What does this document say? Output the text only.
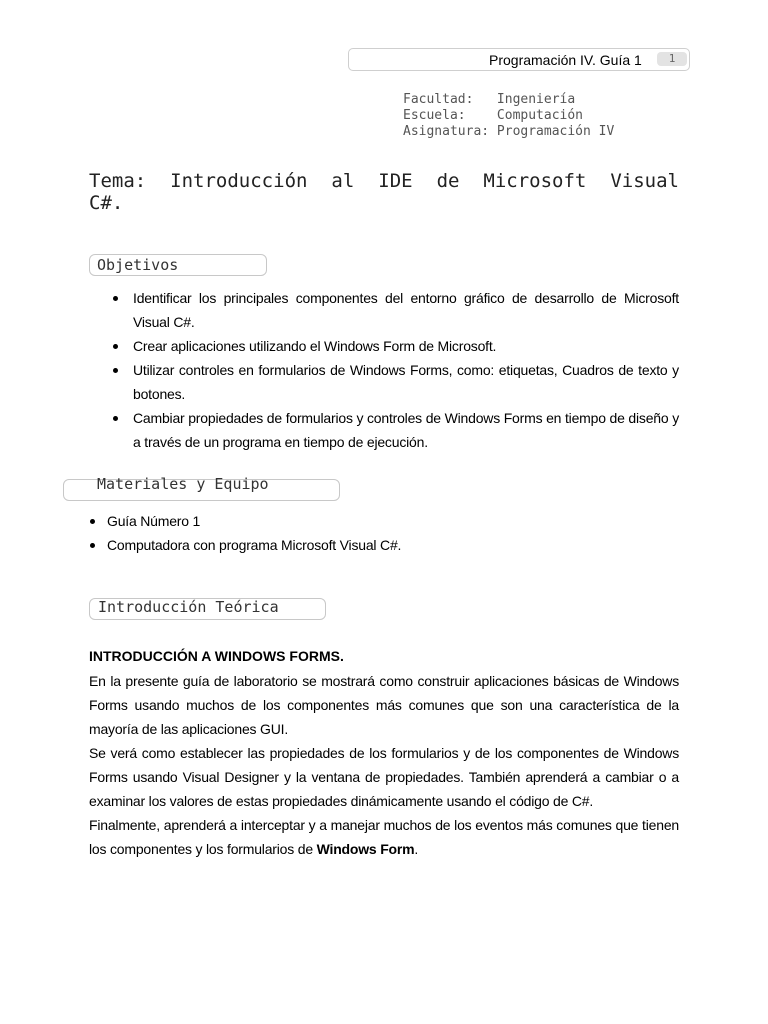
Programación IV. Guía 1	1
Facultad:   Ingeniería
Escuela:    Computación
Asignatura: Programación IV
Tema: Introducción al IDE de Microsoft Visual C#.
Objetivos
Identificar los principales componentes del entorno gráfico de desarrollo de Microsoft Visual C#.
Crear aplicaciones utilizando el Windows Form de Microsoft.
Utilizar controles en formularios de Windows Forms, como: etiquetas, Cuadros de texto y botones.
Cambiar propiedades de formularios y controles de Windows Forms en tiempo de diseño y a través de un programa en tiempo de ejecución.
Materiales y Equipo
Guía Número 1
Computadora con programa Microsoft Visual C#.
Introducción Teórica
INTRODUCCIÓN A WINDOWS FORMS.

En la presente guía de laboratorio se mostrará como construir aplicaciones básicas de Windows Forms usando muchos de los componentes más comunes que son una característica de la mayoría de las aplicaciones GUI.

Se verá como establecer las propiedades de los formularios y de los componentes de Windows Forms usando Visual Designer y la ventana de propiedades. También aprenderá a cambiar o a examinar los valores de estas propiedades dinámicamente usando el código de C#.

Finalmente, aprenderá a interceptar y a manejar muchos de los eventos más comunes que tienen los componentes y los formularios de Windows Form.
